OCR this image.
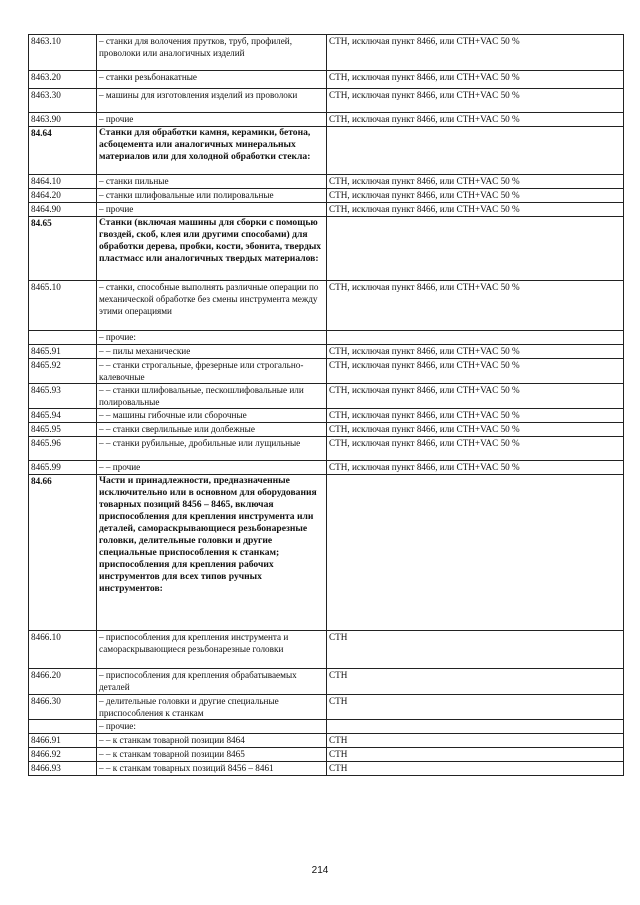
8463.10	– станки для волочения прутков, труб, профилей, проволоки или аналогичных изделий	СТН, исключая пункт 8466, или СТН+VAC 50 %
8463.20	– станки резьбонакатные	СТН, исключая пункт 8466, или СТН+VAC 50 %
8463.30	– машины для изготовления изделий из проволоки	СТН, исключая пункт 8466, или СТН+VAC 50 %
8463.90	– прочие	СТН, исключая пункт 8466, или СТН+VAC 50 %
84.64	Станки для обработки камня, керамики, бетона, асбоцемента или аналогичных минеральных материалов или для холодной обработки стекла:	
8464.10	– станки пильные	СТН, исключая пункт 8466, или СТН+VAC 50 %
8464.20	– станки шлифовальные или полировальные	СТН, исключая пункт 8466, или СТН+VAC 50 %
8464.90	– прочие	СТН, исключая пункт 8466, или СТН+VAC 50 %
84.65	Станки (включая машины для сборки с помощью гвоздей, скоб, клея или другими способами) для обработки дерева, пробки, кости, эбонита, твердых пластмасс или аналогичных твердых материалов:	
8465.10	– станки, способные выполнять различные операции по механической обработке без смены инструмента между этими операциями	СТН, исключая пункт 8466, или СТН+VAC 50 %
	– прочие:	
8465.91	– – пилы механические	СТН, исключая пункт 8466, или СТН+VAC 50 %
8465.92	– – станки строгальные, фрезерные или строгально-калевочные	СТН, исключая пункт 8466, или СТН+VAC 50 %
8465.93	– – станки шлифовальные, пескошлифовальные или полировальные	СТН, исключая пункт 8466, или СТН+VAC 50 %
8465.94	– – машины гибочные или сборочные	СТН, исключая пункт 8466, или СТН+VAC 50 %
8465.95	– – станки сверлильные или долбежные	СТН, исключая пункт 8466, или СТН+VAC 50 %
8465.96	– – станки рубильные, дробильные или лущильные	СТН, исключая пункт 8466, или СТН+VAC 50 %
8465.99	– – прочие	СТН, исключая пункт 8466, или СТН+VAC 50 %
84.66	Части и принадлежности, предназначенные исключительно или в основном для оборудования товарных позиций 8456 – 8465, включая приспособления для крепления инструмента или деталей, самораскрывающиеся резьбонарезные головки, делительные головки и другие специальные приспособления к станкам; приспособления для крепления рабочих инструментов для всех типов ручных инструментов:	
8466.10	– приспособления для крепления инструмента и самораскрывающиеся резьбонарезные головки	СТН
8466.20	– приспособления для крепления обрабатываемых деталей	СТН
8466.30	– делительные головки и другие специальные приспособления к станкам	СТН
	– прочие:	
8466.91	– – к станкам товарной позиции 8464	СТН
8466.92	– – к станкам товарной позиции 8465	СТН
8466.93	– – к станкам товарных позиций 8456 – 8461	СТН
214
